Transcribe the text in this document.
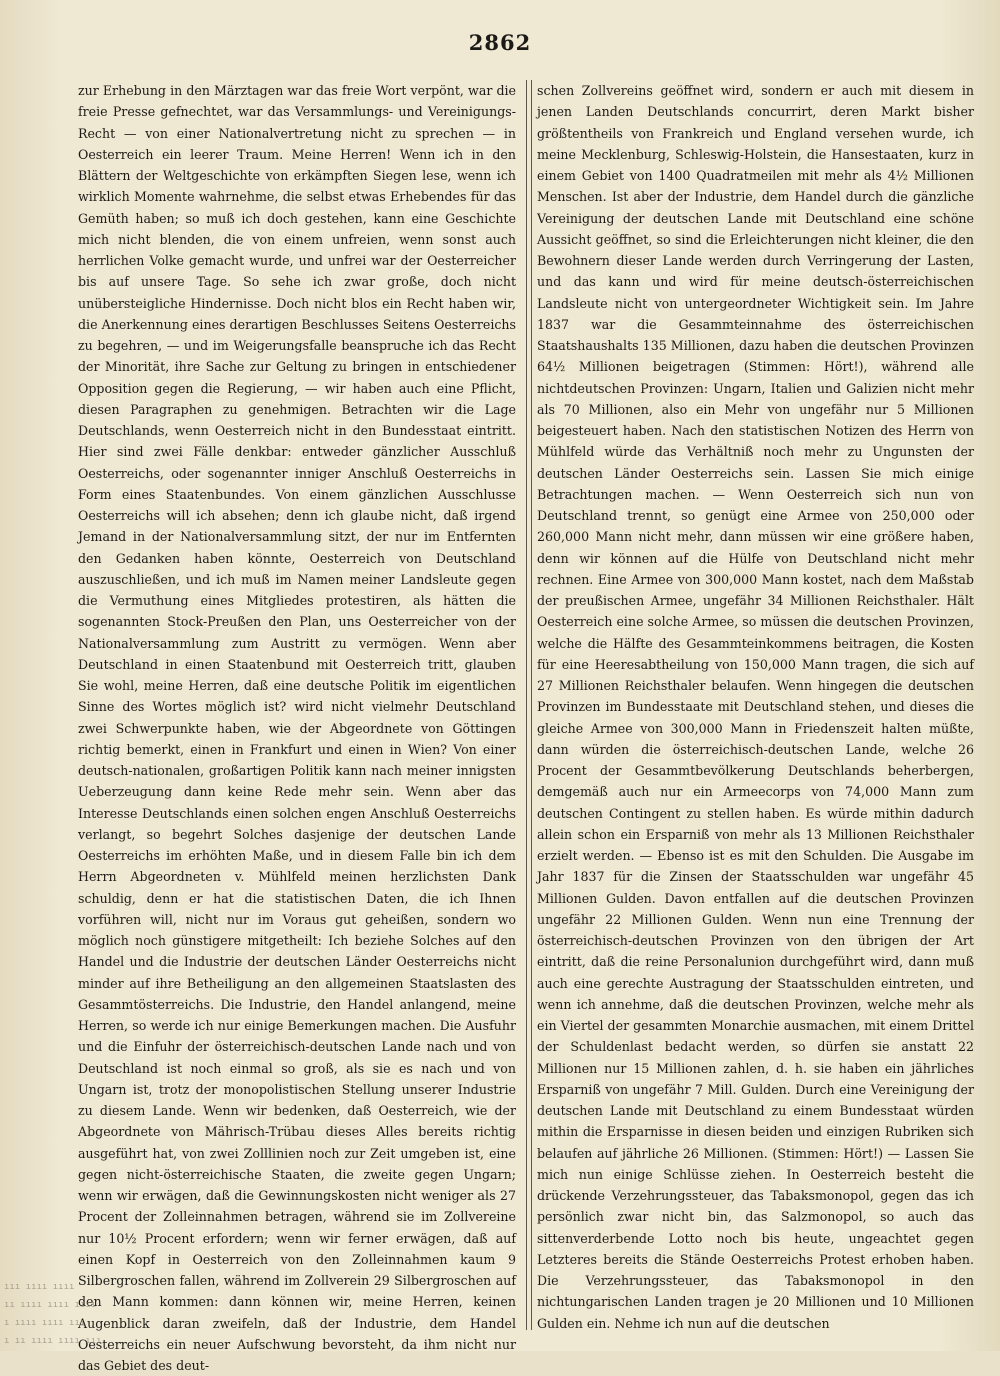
2862

zur Erhebung in den Märztagen war das freie Wort verpönt, war die freie Presse gefnechtet, war das Versammlungs- und Vereinigungs-Recht — von einer Nationalvertretung nicht zu sprechen — in Oesterreich ein leerer Traum. Meine Herren! Wenn ich in den Blättern der Weltgeschichte von erkämpften Siegen lese, wenn ich wirklich Momente wahrnehme, die selbst etwas Erhebendes für das Gemüth haben; so muß ich doch gestehen, kann eine Geschichte mich nicht blenden, die von einem unfreien, wenn sonst auch herrlichen Volke gemacht wurde, und unfrei war der Oesterreicher bis auf unsere Tage. So sehe ich zwar große, doch nicht unübersteigliche Hindernisse. Doch nicht blos ein Recht haben wir, die Anerkennung eines derartigen Beschlusses Seitens Oesterreichs zu begehren, — und im Weigerungsfalle beanspruche ich das Recht der Minorität, ihre Sache zur Geltung zu bringen in entschiedener Opposition gegen die Regierung, — wir haben auch eine Pflicht, diesen Paragraphen zu genehmigen. Betrachten wir die Lage Deutschlands, wenn Oesterreich nicht in den Bundesstaat eintritt. Hier sind zwei Fälle denkbar: entweder gänzlicher Ausschluß Oesterreichs, oder sogenannter inniger Anschluß Oesterreichs in Form eines Staatenbundes. Von einem gänzlichen Ausschlusse Oesterreichs will ich absehen; denn ich glaube nicht, daß irgend Jemand in der Nationalversammlung sitzt, der nur im Entfernten den Gedanken haben könnte, Oesterreich von Deutschland auszuschließen, und ich muß im Namen meiner Landsleute gegen die Vermuthung eines Mitgliedes protestiren, als hätten die sogenannten Stock-Preußen den Plan, uns Oesterreicher von der Nationalversammlung zum Austritt zu vermögen. Wenn aber Deutschland in einen Staatenbund mit Oesterreich tritt, glauben Sie wohl, meine Herren, daß eine deutsche Politik im eigentlichen Sinne des Wortes möglich ist? wird nicht vielmehr Deutschland zwei Schwerpunkte haben, wie der Abgeordnete von Göttingen richtig bemerkt, einen in Frankfurt und einen in Wien? Von einer deutsch-nationalen, großartigen Politik kann nach meiner innigsten Ueberzeugung dann keine Rede mehr sein. Wenn aber das Interesse Deutschlands einen solchen engen Anschluß Oesterreichs verlangt, so begehrt Solches dasjenige der deutschen Lande Oesterreichs im erhöhten Maße, und in diesem Falle bin ich dem Herrn Abgeordneten v. Mühlfeld meinen herzlichsten Dank schuldig, denn er hat die statistischen Daten, die ich Ihnen vorführen will, nicht nur im Voraus gut geheißen, sondern wo möglich noch günstigere mitgetheilt: Ich beziehe Solches auf den Handel und die Industrie der deutschen Länder Oesterreichs nicht minder auf ihre Betheiligung an den allgemeinen Staatslasten des Gesammtösterreichs. Die Industrie, den Handel anlangend, meine Herren, so werde ich nur einige Bemerkungen machen. Die Ausfuhr und die Einfuhr der österreichisch-deutschen Lande nach und von Deutschland ist noch einmal so groß, als sie es nach und von Ungarn ist, trotz der monopolistischen Stellung unserer Industrie zu diesem Lande. Wenn wir bedenken, daß Oesterreich, wie der Abgeordnete von Mährisch-Trübau dieses Alles bereits richtig ausgeführt hat, von zwei Zolllinien noch zur Zeit umgeben ist, eine gegen nicht-österreichische Staaten, die zweite gegen Ungarn; wenn wir erwägen, daß die Gewinnungskosten nicht weniger als 27 Procent der Zolleinnahmen betragen, während sie im Zollvereine nur 10½ Procent erfordern; wenn wir ferner erwägen, daß auf einen Kopf in Oesterreich von den Zolleinnahmen kaum 9 Silbergroschen fallen, während im Zollverein 29 Silbergroschen auf den Mann kommen: dann können wir, meine Herren, keinen Augenblick daran zweifeln, daß der Industrie, dem Handel Oesterreichs ein neuer Aufschwung bevorsteht, da ihm nicht nur das Gebiet des deut-

schen Zollvereins geöffnet wird, sondern er auch mit diesem in jenen Landen Deutschlands concurrirt, deren Markt bisher größtentheils von Frankreich und England versehen wurde, ich meine Mecklenburg, Schleswig-Holstein, die Hansestaaten, kurz in einem Gebiet von 1400 Quadratmeilen mit mehr als 4½ Millionen Menschen. Ist aber der Industrie, dem Handel durch die gänzliche Vereinigung der deutschen Lande mit Deutschland eine schöne Aussicht geöffnet, so sind die Erleichterungen nicht kleiner, die den Bewohnern dieser Lande werden durch Verringerung der Lasten, und das kann und wird für meine deutsch-österreichischen Landsleute nicht von untergeordneter Wichtigkeit sein. Im Jahre 1837 war die Gesammteinnahme des österreichischen Staatshaushalts 135 Millionen, dazu haben die deutschen Provinzen 64½ Millionen beigetragen (Stimmen: Hört!), während alle nichtdeutschen Provinzen: Ungarn, Italien und Galizien nicht mehr als 70 Millionen, also ein Mehr von ungefähr nur 5 Millionen beigesteuert haben. Nach den statistischen Notizen des Herrn von Mühlfeld würde das Verhältniß noch mehr zu Ungunsten der deutschen Länder Oesterreichs sein. Lassen Sie mich einige Betrachtungen machen. — Wenn Oesterreich sich nun von Deutschland trennt, so genügt eine Armee von 250,000 oder 260,000 Mann nicht mehr, dann müssen wir eine größere haben, denn wir können auf die Hülfe von Deutschland nicht mehr rechnen. Eine Armee von 300,000 Mann kostet, nach dem Maßstab der preußischen Armee, ungefähr 34 Millionen Reichsthaler. Hält Oesterreich eine solche Armee, so müssen die deutschen Provinzen, welche die Hälfte des Gesammteinkommens beitragen, die Kosten für eine Heeresabtheilung von 150,000 Mann tragen, die sich auf 27 Millionen Reichsthaler belaufen. Wenn hingegen die deutschen Provinzen im Bundesstaate mit Deutschland stehen, und dieses die gleiche Armee von 300,000 Mann in Friedenszeit halten müßte, dann würden die österreichisch-deutschen Lande, welche 26 Procent der Gesammtbevölkerung Deutschlands beherbergen, demgemäß auch nur ein Armeecorps von 74,000 Mann zum deutschen Contingent zu stellen haben. Es würde mithin dadurch allein schon ein Ersparniß von mehr als 13 Millionen Reichsthaler erzielt werden. — Ebenso ist es mit den Schulden. Die Ausgabe im Jahr 1837 für die Zinsen der Staatsschulden war ungefähr 45 Millionen Gulden. Davon entfallen auf die deutschen Provinzen ungefähr 22 Millionen Gulden. Wenn nun eine Trennung der österreichisch-deutschen Provinzen von den übrigen der Art eintritt, daß die reine Personalunion durchgeführt wird, dann muß auch eine gerechte Austragung der Staatsschulden eintreten, und wenn ich annehme, daß die deutschen Provinzen, welche mehr als ein Viertel der gesammten Monarchie ausmachen, mit einem Drittel der Schuldenlast bedacht werden, so dürfen sie anstatt 22 Millionen nur 15 Millionen zahlen, d. h. sie haben ein jährliches Ersparniß von ungefähr 7 Mill. Gulden. Durch eine Vereinigung der deutschen Lande mit Deutschland zu einem Bundesstaat würden mithin die Ersparnisse in diesen beiden und einzigen Rubriken sich belaufen auf jährliche 26 Millionen. (Stimmen: Hört!) — Lassen Sie mich nun einige Schlüsse ziehen. In Oesterreich besteht die drückende Verzehrungssteuer, das Tabaksmonopol, gegen das ich persönlich zwar nicht bin, das Salzmonopol, so auch das sittenverderbende Lotto noch bis heute, ungeachtet gegen Letzteres bereits die Stände Oesterreichs Protest erhoben haben. Die Verzehrungssteuer, das Tabaksmonopol in den nichtungarischen Landen tragen je 20 Millionen und 10 Millionen Gulden ein. Nehme ich nun auf die deutschen

ııı ıııı ıııı
ıı ıııı ıııı ıııı
ı ıııı ıııı ııı
ı ıı ıııı ıııı ııı
